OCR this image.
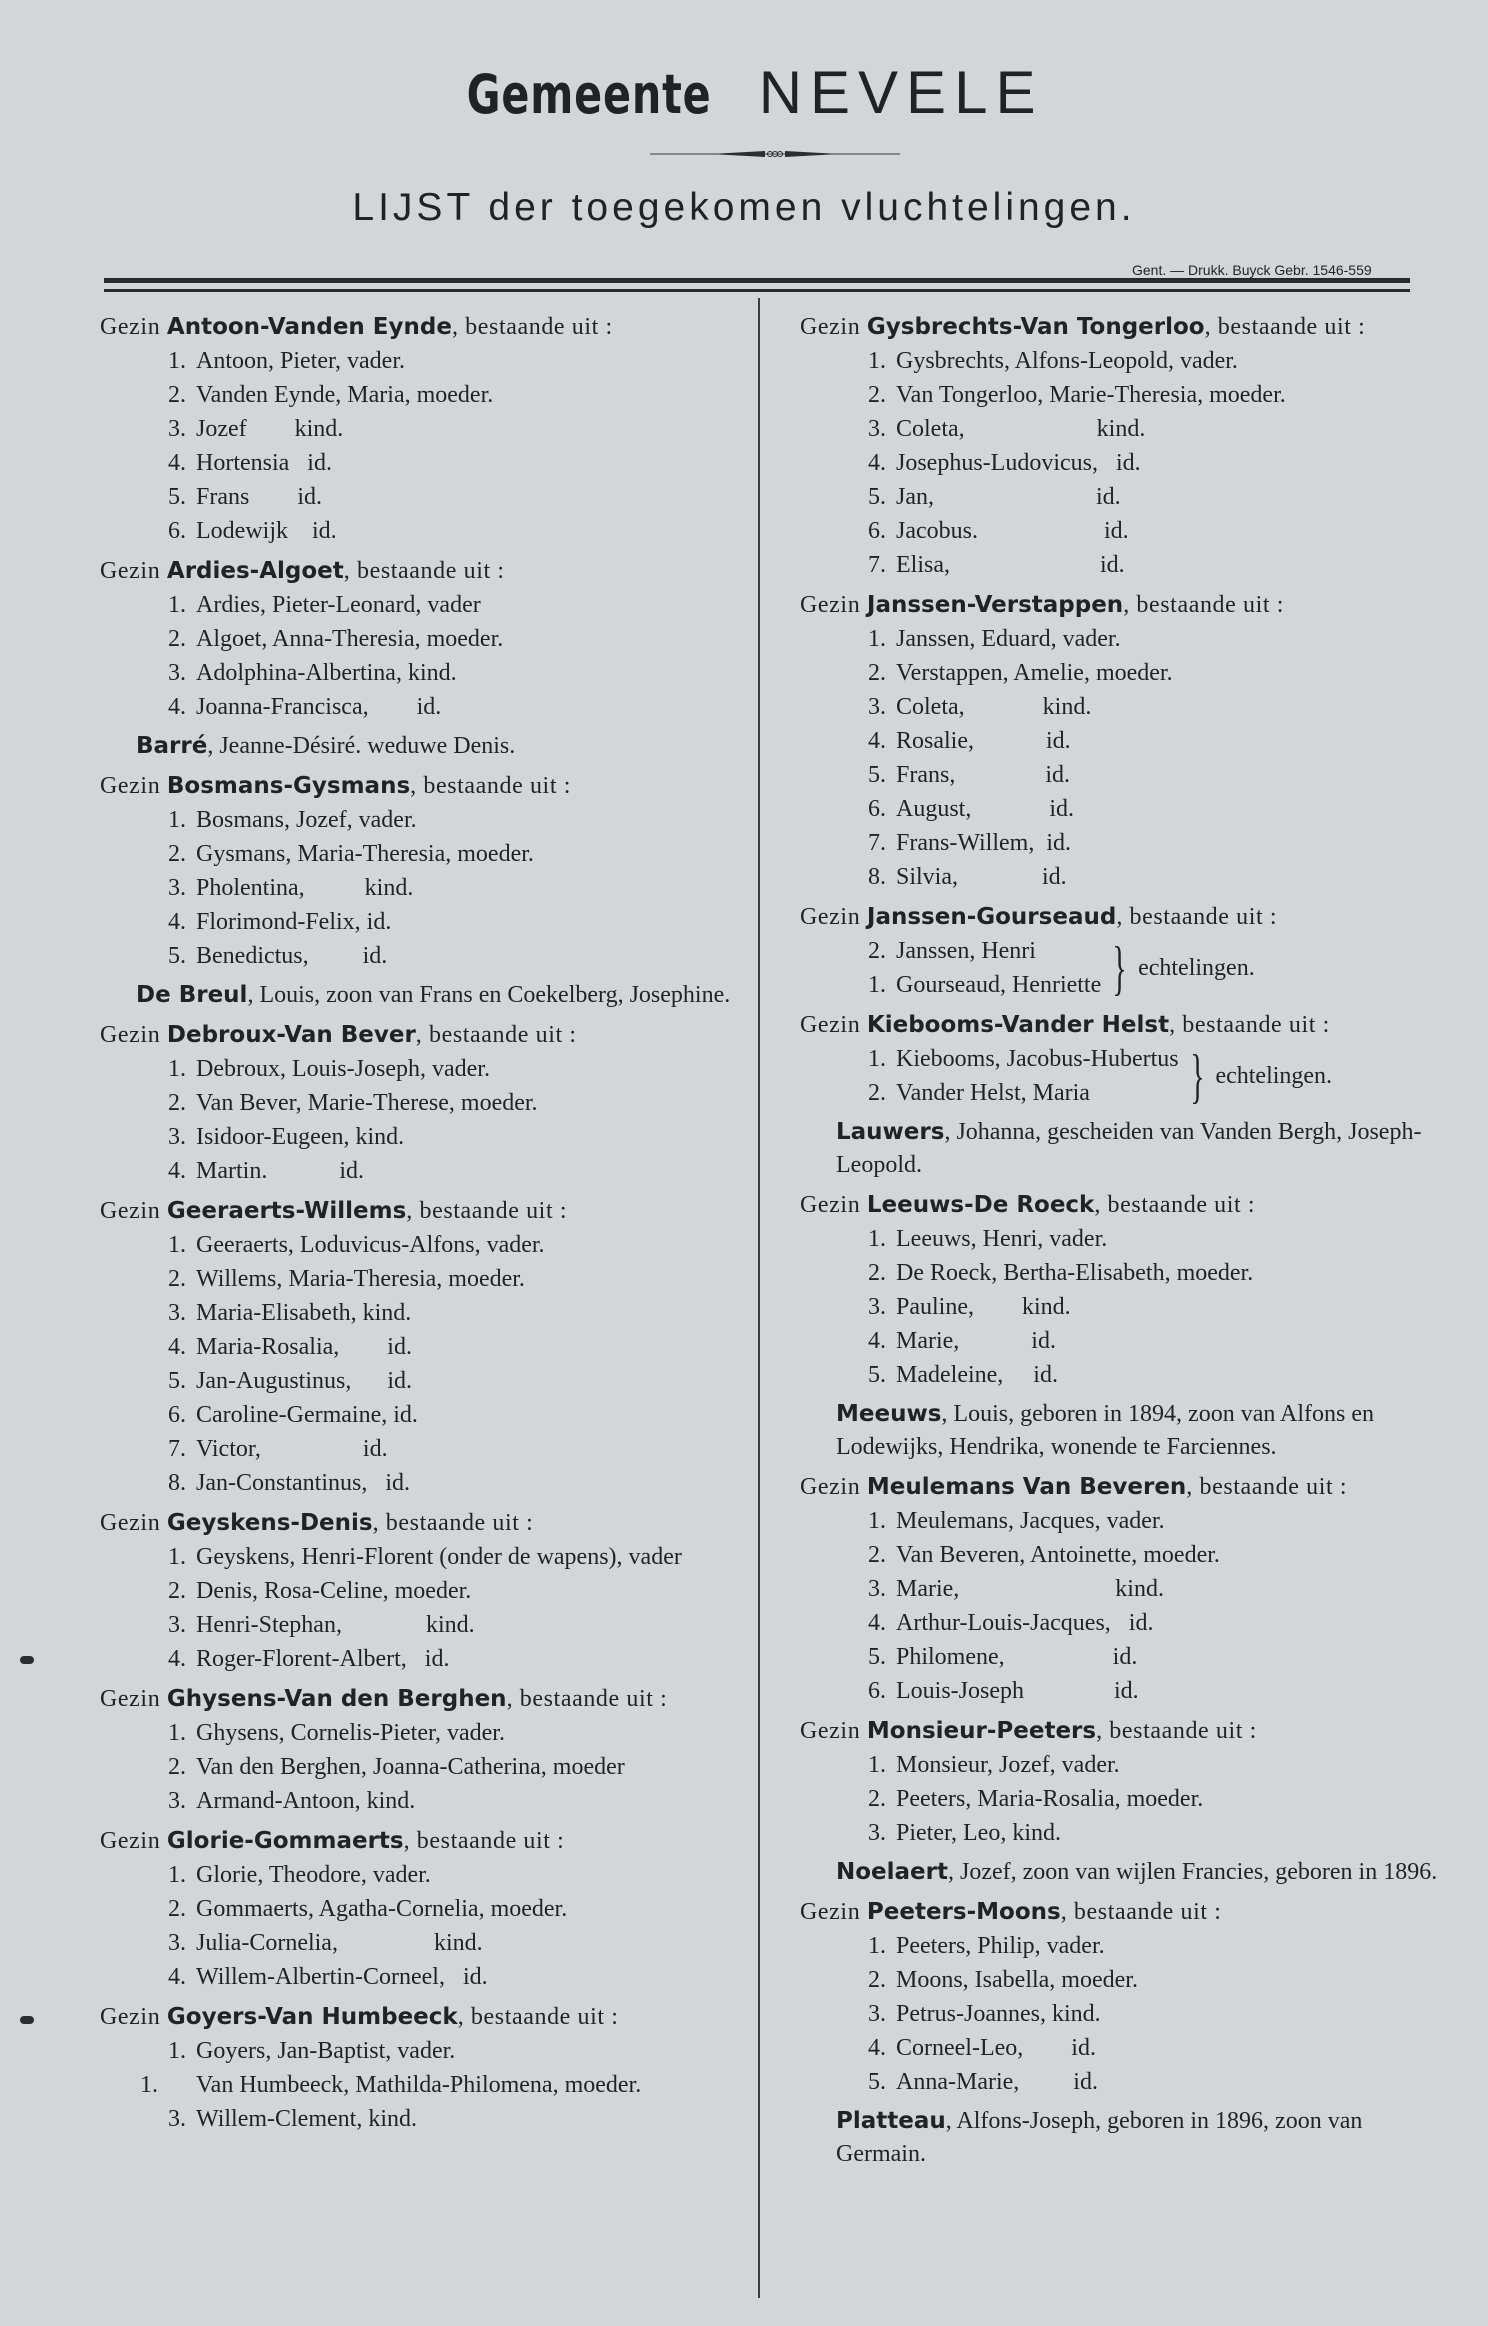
Gemeente NEVELE
LIJST der toegekomen vluchtelingen.
Gent. — Drukk. Buyck Gebr. 1546-559
Gezin Antoon-Vanden Eynde, bestaande uit :
1. Antoon, Pieter, vader.
2. Vanden Eynde, Maria, moeder.
3. Jozef        kind.
4. Hortensia   id.
5. Frans        id.
6. Lodewijk    id.
Gezin Ardies-Algoet, bestaande uit :
1. Ardies, Pieter-Leonard, vader
2. Algoet, Anna-Theresia, moeder.
3. Adolphina-Albertina, kind.
4. Joanna-Francisca,        id.
Barré, Jeanne-Désiré. weduwe Denis.
Gezin Bosmans-Gysmans, bestaande uit :
1. Bosmans, Jozef, vader.
2. Gysmans, Maria-Theresia, moeder.
3. Pholentina,          kind.
4. Florimond-Felix, id.
5. Benedictus,         id.
De Breul, Louis, zoon van Frans en Coekelberg, Josephine.
Gezin Debroux-Van Bever, bestaande uit :
1. Debroux, Louis-Joseph, vader.
2. Van Bever, Marie-Therese, moeder.
3. Isidoor-Eugeen, kind.
4. Martin.            id.
Gezin Geeraerts-Willems, bestaande uit :
1. Geeraerts, Loduvicus-Alfons, vader.
2. Willems, Maria-Theresia, moeder.
3. Maria-Elisabeth, kind.
4. Maria-Rosalia,        id.
5. Jan-Augustinus,      id.
6. Caroline-Germaine, id.
7. Victor,                 id.
8. Jan-Constantinus,   id.
Gezin Geyskens-Denis, bestaande uit :
1. Geyskens, Henri-Florent (onder de wapens), vader
2. Denis, Rosa-Celine, moeder.
3. Henri-Stephan,              kind.
4. Roger-Florent-Albert,   id.
Gezin Ghysens-Van den Berghen, bestaande uit :
1. Ghysens, Cornelis-Pieter, vader.
2. Van den Berghen, Joanna-Catherina, moeder
3. Armand-Antoon, kind.
Gezin Glorie-Gommaerts, bestaande uit :
1. Glorie, Theodore, vader.
2. Gommaerts, Agatha-Cornelia, moeder.
3. Julia-Cornelia,                kind.
4. Willem-Albertin-Corneel,   id.
Gezin Goyers-Van Humbeeck, bestaande uit :
1. Goyers, Jan-Baptist, vader.
1. Van Humbeeck, Mathilda-Philomena, moeder.
3. Willem-Clement, kind.
Gezin Gysbrechts-Van Tongerloo, bestaande uit :
1. Gysbrechts, Alfons-Leopold, vader.
2. Van Tongerloo, Marie-Theresia, moeder.
3. Coleta,                      kind.
4. Josephus-Ludovicus,   id.
5. Jan,                           id.
6. Jacobus.                     id.
7. Elisa,                         id.
Gezin Janssen-Verstappen, bestaande uit :
1. Janssen, Eduard, vader.
2. Verstappen, Amelie, moeder.
3. Coleta,             kind.
4. Rosalie,            id.
5. Frans,               id.
6. August,             id.
7. Frans-Willem,  id.
8. Silvia,              id.
Gezin Janssen-Gourseaud, bestaande uit :
2. Janssen, Henri
1. Gourseaud, Henriette } echtelingen.
Gezin Kiebooms-Vander Helst, bestaande uit :
1. Kiebooms, Jacobus-Hubertus
2. Vander Helst, Maria	} echtelingen.
Lauwers, Johanna, gescheiden van Vanden Bergh, Joseph-Leopold.
Gezin Leeuws-De Roeck, bestaande uit :
1. Leeuws, Henri, vader.
2. De Roeck, Bertha-Elisabeth, moeder.
3. Pauline,        kind.
4. Marie,            id.
5. Madeleine,     id.
Meeuws, Louis, geboren in 1894, zoon van Alfons en Lodewijks, Hendrika, wonende te Farciennes.
Gezin Meulemans Van Beveren, bestaande uit :
1. Meulemans, Jacques, vader.
2. Van Beveren, Antoinette, moeder.
3. Marie,                          kind.
4. Arthur-Louis-Jacques,   id.
5. Philomene,                  id.
6. Louis-Joseph               id.
Gezin Monsieur-Peeters, bestaande uit :
1. Monsieur, Jozef, vader.
2. Peeters, Maria-Rosalia, moeder.
3. Pieter, Leo, kind.
Noelaert, Jozef, zoon van wijlen Francies, geboren in 1896.
Gezin Peeters-Moons, bestaande uit :
1. Peeters, Philip, vader.
2. Moons, Isabella, moeder.
3. Petrus-Joannes, kind.
4. Corneel-Leo,        id.
5. Anna-Marie,         id.
Platteau, Alfons-Joseph, geboren in 1896, zoon van Germain.
